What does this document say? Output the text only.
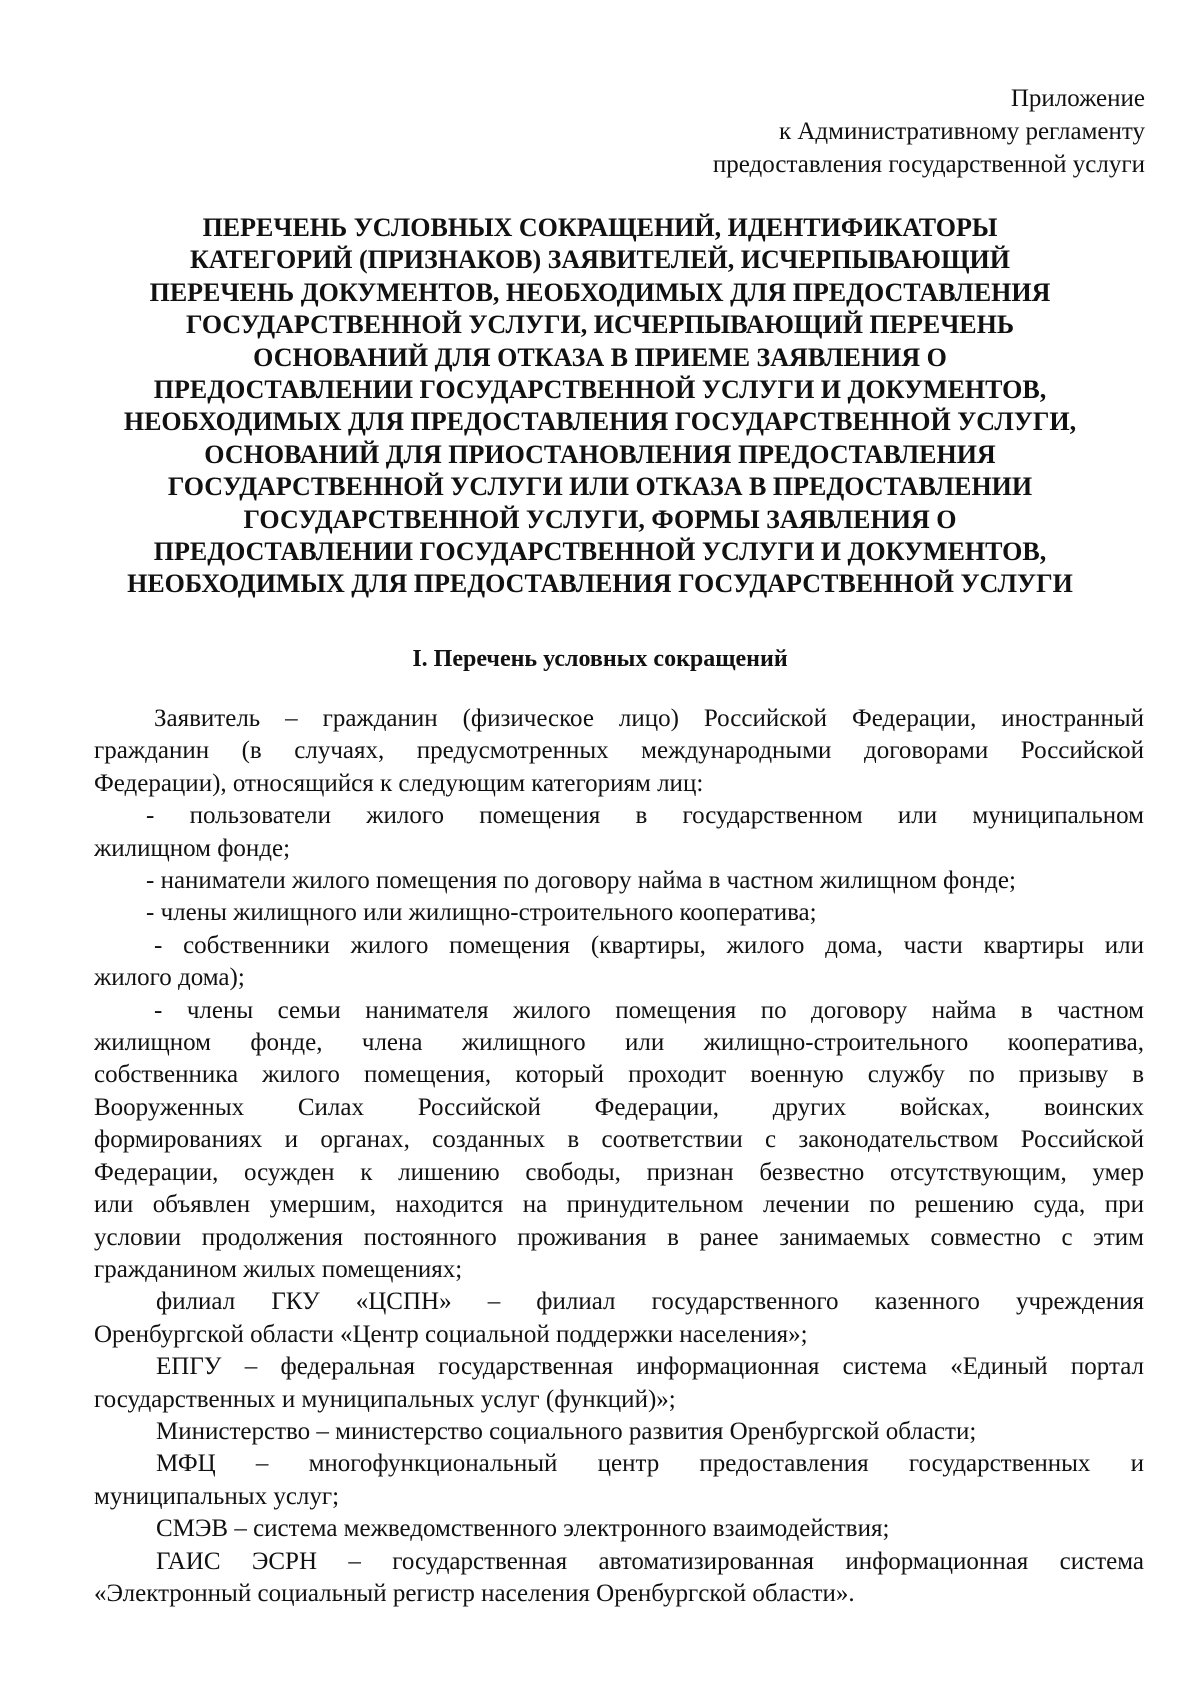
Приложение
к Административному регламенту
предоставления государственной услуги
ПЕРЕЧЕНЬ УСЛОВНЫХ СОКРАЩЕНИЙ, ИДЕНТИФИКАТОРЫ
КАТЕГОРИЙ (ПРИЗНАКОВ) ЗАЯВИТЕЛЕЙ, ИСЧЕРПЫВАЮЩИЙ
ПЕРЕЧЕНЬ ДОКУМЕНТОВ, НЕОБХОДИМЫХ ДЛЯ ПРЕДОСТАВЛЕНИЯ
ГОСУДАРСТВЕННОЙ УСЛУГИ, ИСЧЕРПЫВАЮЩИЙ ПЕРЕЧЕНЬ
ОСНОВАНИЙ ДЛЯ ОТКАЗА В ПРИЕМЕ ЗАЯВЛЕНИЯ О
ПРЕДОСТАВЛЕНИИ ГОСУДАРСТВЕННОЙ УСЛУГИ И ДОКУМЕНТОВ,
НЕОБХОДИМЫХ ДЛЯ ПРЕДОСТАВЛЕНИЯ ГОСУДАРСТВЕННОЙ УСЛУГИ,
ОСНОВАНИЙ ДЛЯ ПРИОСТАНОВЛЕНИЯ ПРЕДОСТАВЛЕНИЯ
ГОСУДАРСТВЕННОЙ УСЛУГИ ИЛИ ОТКАЗА В ПРЕДОСТАВЛЕНИИ
ГОСУДАРСТВЕННОЙ УСЛУГИ, ФОРМЫ ЗАЯВЛЕНИЯ О
ПРЕДОСТАВЛЕНИИ ГОСУДАРСТВЕННОЙ УСЛУГИ И ДОКУМЕНТОВ,
НЕОБХОДИМЫХ ДЛЯ ПРЕДОСТАВЛЕНИЯ ГОСУДАРСТВЕННОЙ УСЛУГИ
I. Перечень условных сокращений
Заявитель – гражданин (физическое лицо) Российской Федерации, иностранный
гражданин (в случаях, предусмотренных международными договорами Российской
Федерации), относящийся к следующим категориям лиц:
- пользователи жилого помещения в государственном или муниципальном
жилищном фонде;
- наниматели жилого помещения по договору найма в частном жилищном фонде;
- члены жилищного или жилищно-строительного кооператива;
- собственники жилого помещения (квартиры, жилого дома, части квартиры или
жилого дома);
- члены семьи нанимателя жилого помещения по договору найма в частном
жилищном фонде, члена жилищного или жилищно-строительного кооператива,
собственника жилого помещения, который проходит военную службу по призыву в
Вооруженных Силах Российской Федерации, других войсках, воинских
формированиях и органах, созданных в соответствии с законодательством Российской
Федерации, осужден к лишению свободы, признан безвестно отсутствующим, умер
или объявлен умершим, находится на принудительном лечении по решению суда, при
условии продолжения постоянного проживания в ранее занимаемых совместно с этим
гражданином жилых помещениях;
филиал ГКУ «ЦСПН» – филиал государственного казенного учреждения
Оренбургской области «Центр социальной поддержки населения»;
ЕПГУ – федеральная государственная информационная система «Единый портал
государственных и муниципальных услуг (функций)»;
Министерство – министерство социального развития Оренбургской области;
МФЦ – многофункциональный центр предоставления государственных и
муниципальных услуг;
СМЭВ – система межведомственного электронного взаимодействия;
ГАИС ЭСРН – государственная автоматизированная информационная система
«Электронный социальный регистр населения Оренбургской области».
